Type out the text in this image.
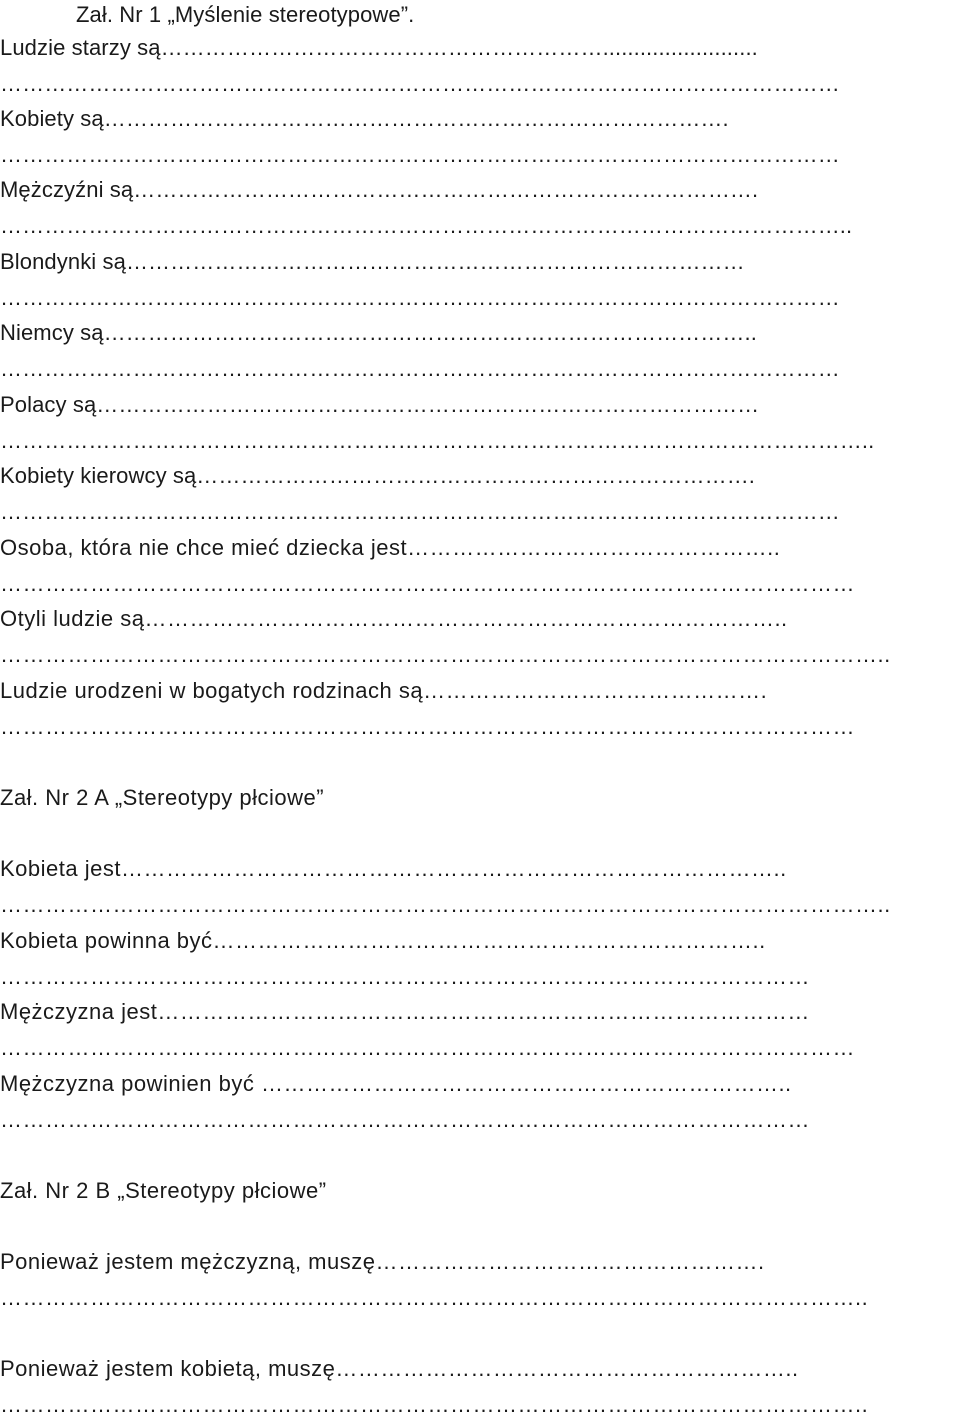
Zał. Nr 1 „Myślenie stereotypowe”.

Ludzie starzy są…………………………………………………….........................

……………………………………………………………………………………………………

Kobiety są………………………………………………………………………….

……………………………………………………………………………………………………

Mężczyźni są………………………………………………………………………….

……………………………………………………………………………………………………..

Blondynki są…………………………………………………………………………

……………………………………………………………………………………………………

Niemcy są……………………………………………………………………………..

……………………………………………………………………………………………………

Polacy są………………………………………………………………………………

………………………………………………………………………………………………………..

Kobiety kierowcy są………………………………………………………………….

……………………………………………………………………………………………………

Osoba, która nie chce mieć dziecka jest…………………………………………..

……………………………………………………………………………………………………

Otyli ludzie są…………………………………………………………………………..

………………………………………………………………………………………………………..

Ludzie urodzeni w bogatych rodzinach są……………………………………….

……………………………………………………………………………………………………

Zał. Nr 2 A „Stereotypy płciowe”

Kobieta jest……………………………………………………………………………..

………………………………………………………………………………………………………..

Kobieta powinna być………………………………………………………………..

………………………………………………………………………………………………

Mężczyzna jest……………………………………………………………………………

……………………………………………………………………………………………………

Mężczyzna powinien być ……………………………………………………………..

………………………………………………………………………………………………

Zał. Nr 2 B „Stereotypy płciowe”

Ponieważ jestem mężczyzną, muszę…………………………………………….

……………………………………………………………………………………………………..

Ponieważ jestem kobietą, muszę……………………………………………………..

……………………………………………………………………………………………………..
